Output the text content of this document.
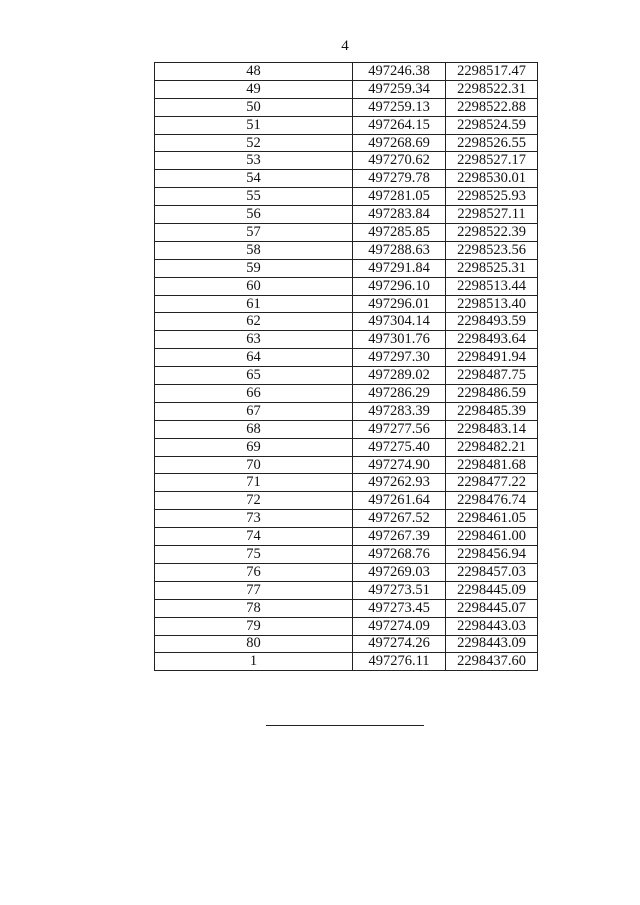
4
48	497246.38	2298517.47
49	497259.34	2298522.31
50	497259.13	2298522.88
51	497264.15	2298524.59
52	497268.69	2298526.55
53	497270.62	2298527.17
54	497279.78	2298530.01
55	497281.05	2298525.93
56	497283.84	2298527.11
57	497285.85	2298522.39
58	497288.63	2298523.56
59	497291.84	2298525.31
60	497296.10	2298513.44
61	497296.01	2298513.40
62	497304.14	2298493.59
63	497301.76	2298493.64
64	497297.30	2298491.94
65	497289.02	2298487.75
66	497286.29	2298486.59
67	497283.39	2298485.39
68	497277.56	2298483.14
69	497275.40	2298482.21
70	497274.90	2298481.68
71	497262.93	2298477.22
72	497261.64	2298476.74
73	497267.52	2298461.05
74	497267.39	2298461.00
75	497268.76	2298456.94
76	497269.03	2298457.03
77	497273.51	2298445.09
78	497273.45	2298445.07
79	497274.09	2298443.03
80	497274.26	2298443.09
1	497276.11	2298437.60
